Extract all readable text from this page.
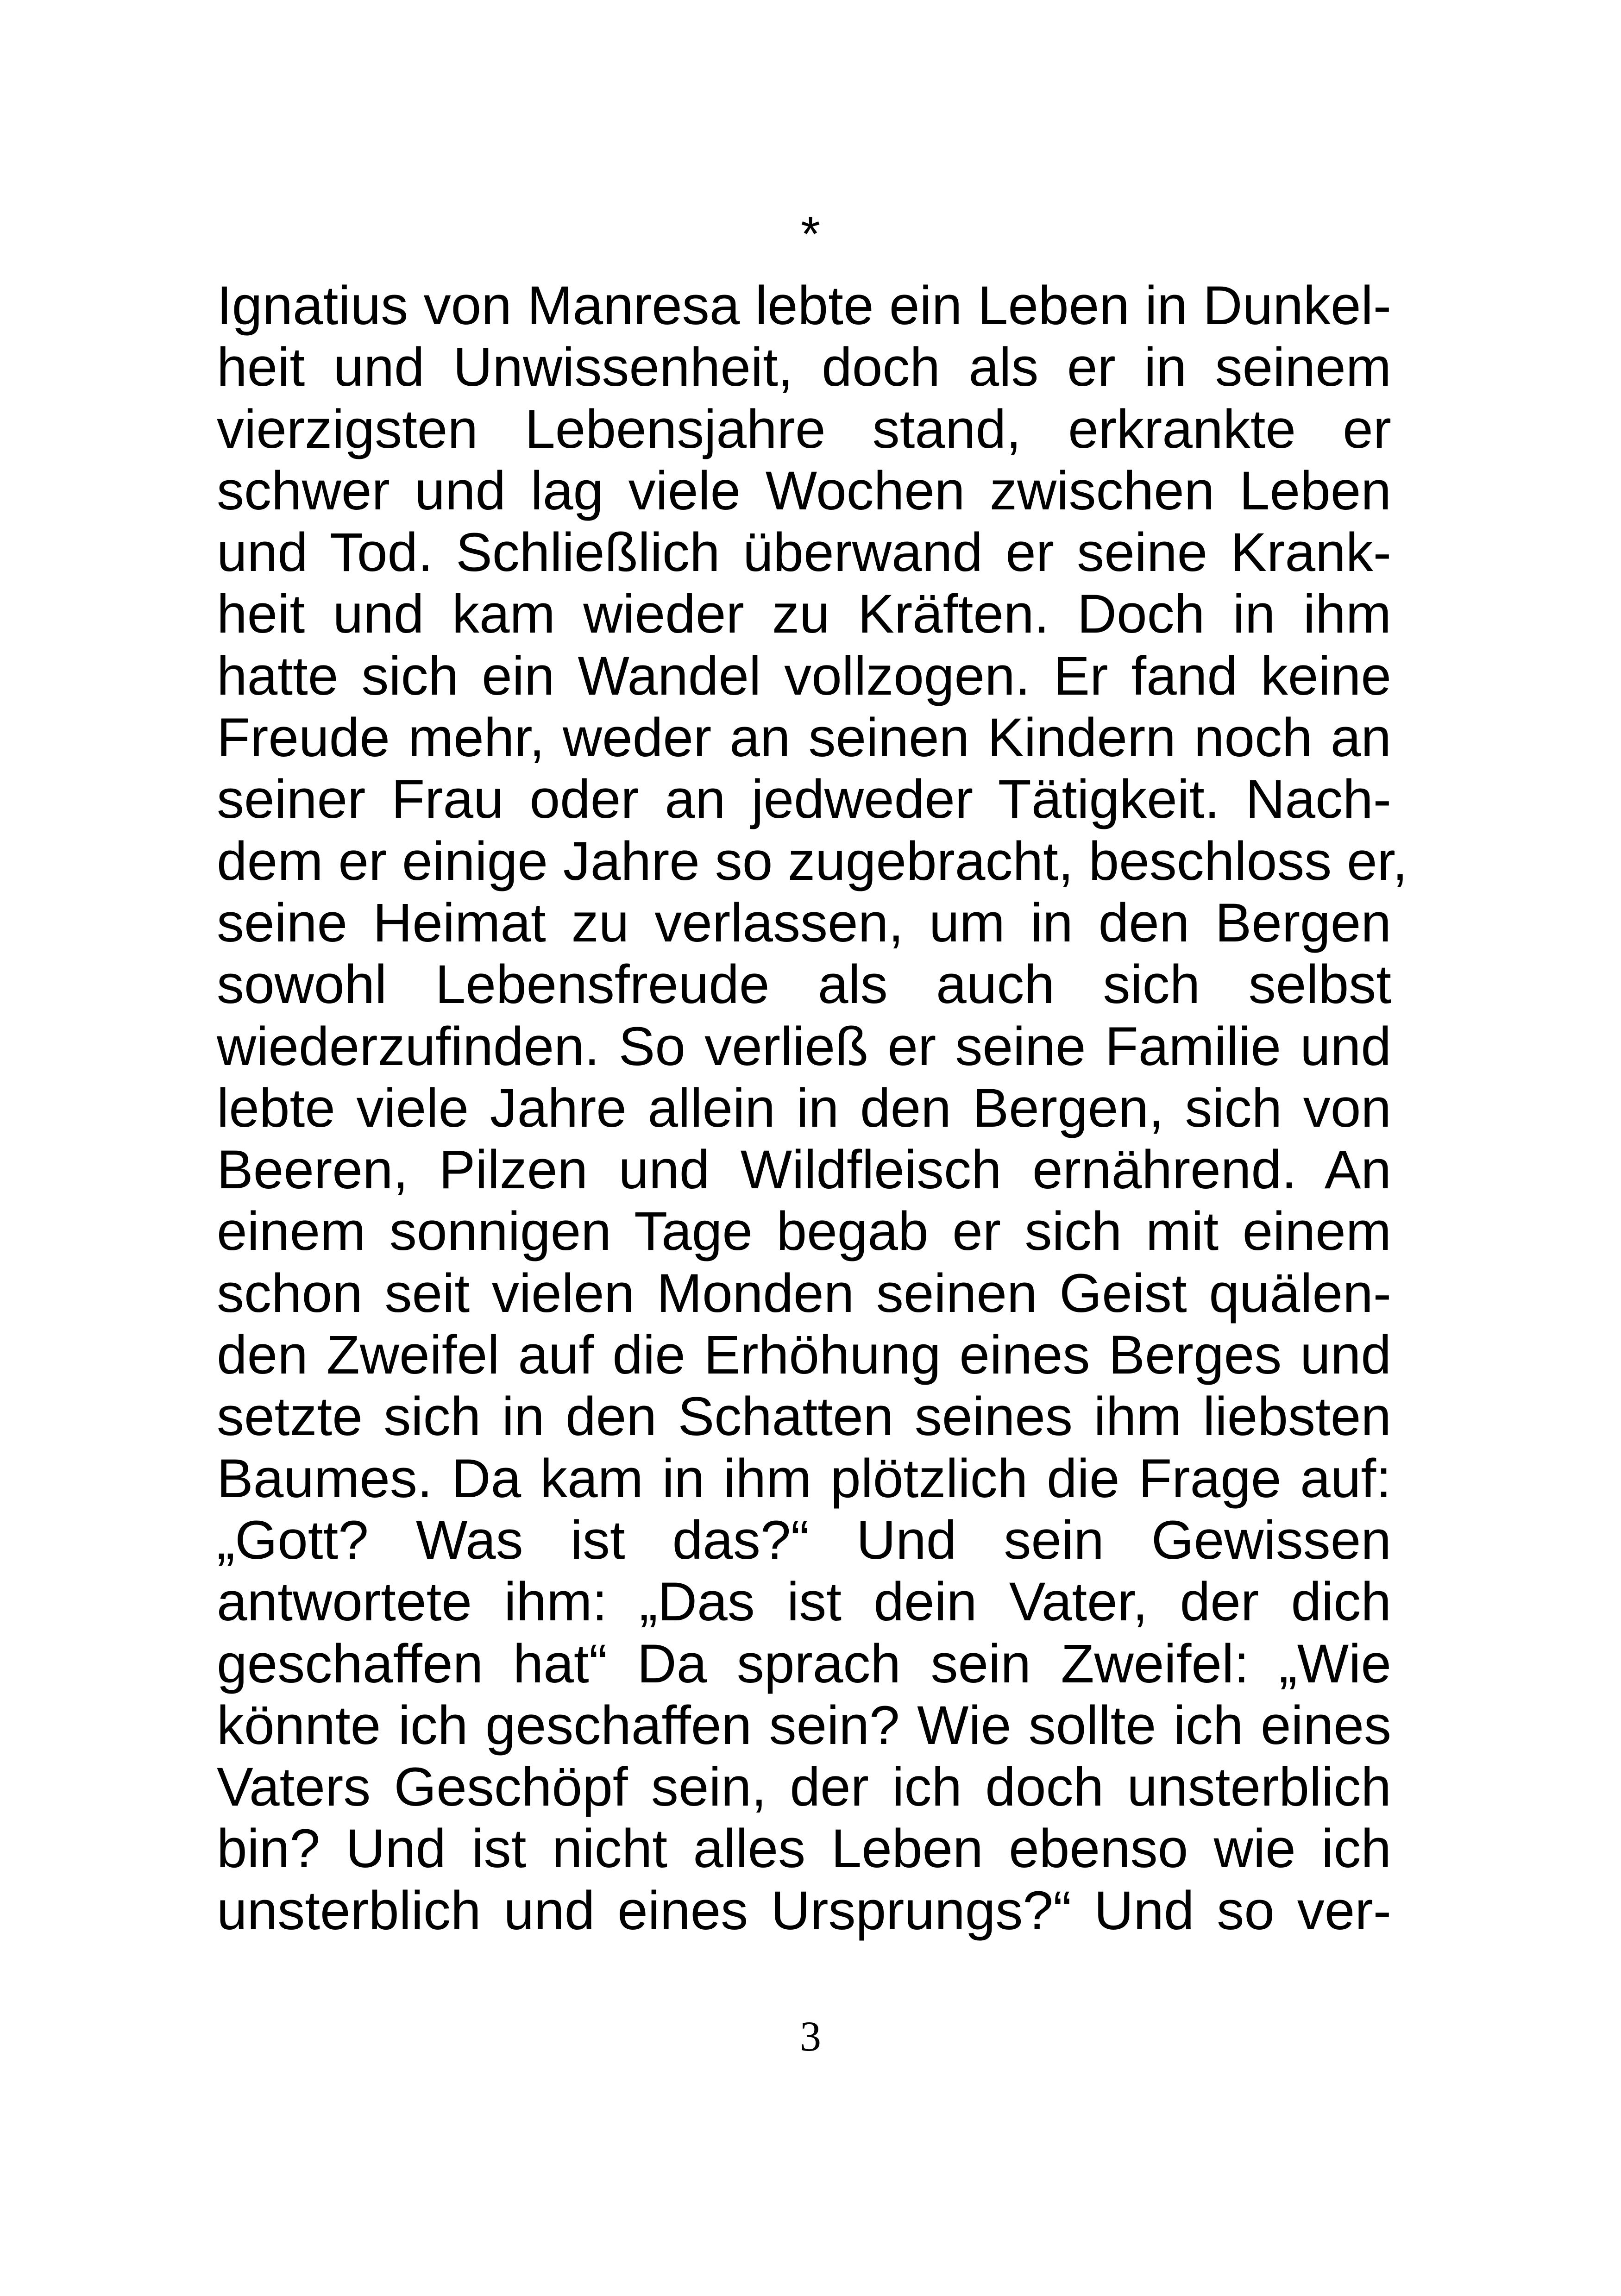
*
Ignatius von Manresa lebte ein Leben in Dunkel-
heit und Unwissenheit, doch als er in seinem
vierzigsten Lebensjahre stand, erkrankte er
schwer und lag viele Wochen zwischen Leben
und Tod. Schließlich überwand er seine Krank-
heit und kam wieder zu Kräften. Doch in ihm
hatte sich ein Wandel vollzogen. Er fand keine
Freude mehr, weder an seinen Kindern noch an
seiner Frau oder an jedweder Tätigkeit. Nach-
dem er einige Jahre so zugebracht, beschloss er,
seine Heimat zu verlassen, um in den Bergen
sowohl Lebensfreude als auch sich selbst
wiederzufinden. So verließ er seine Familie und
lebte viele Jahre allein in den Bergen, sich von
Beeren, Pilzen und Wildfleisch ernährend. An
einem sonnigen Tage begab er sich mit einem
schon seit vielen Monden seinen Geist quälen-
den Zweifel auf die Erhöhung eines Berges und
setzte sich in den Schatten seines ihm liebsten
Baumes. Da kam in ihm plötzlich die Frage auf:
„Gott? Was ist das?“ Und sein Gewissen
antwortete ihm: „Das ist dein Vater, der dich
geschaffen hat“ Da sprach sein Zweifel: „Wie
könnte ich geschaffen sein? Wie sollte ich eines
Vaters Geschöpf sein, der ich doch unsterblich
bin? Und ist nicht alles Leben ebenso wie ich
unsterblich und eines Ursprungs?“ Und so ver-
3
